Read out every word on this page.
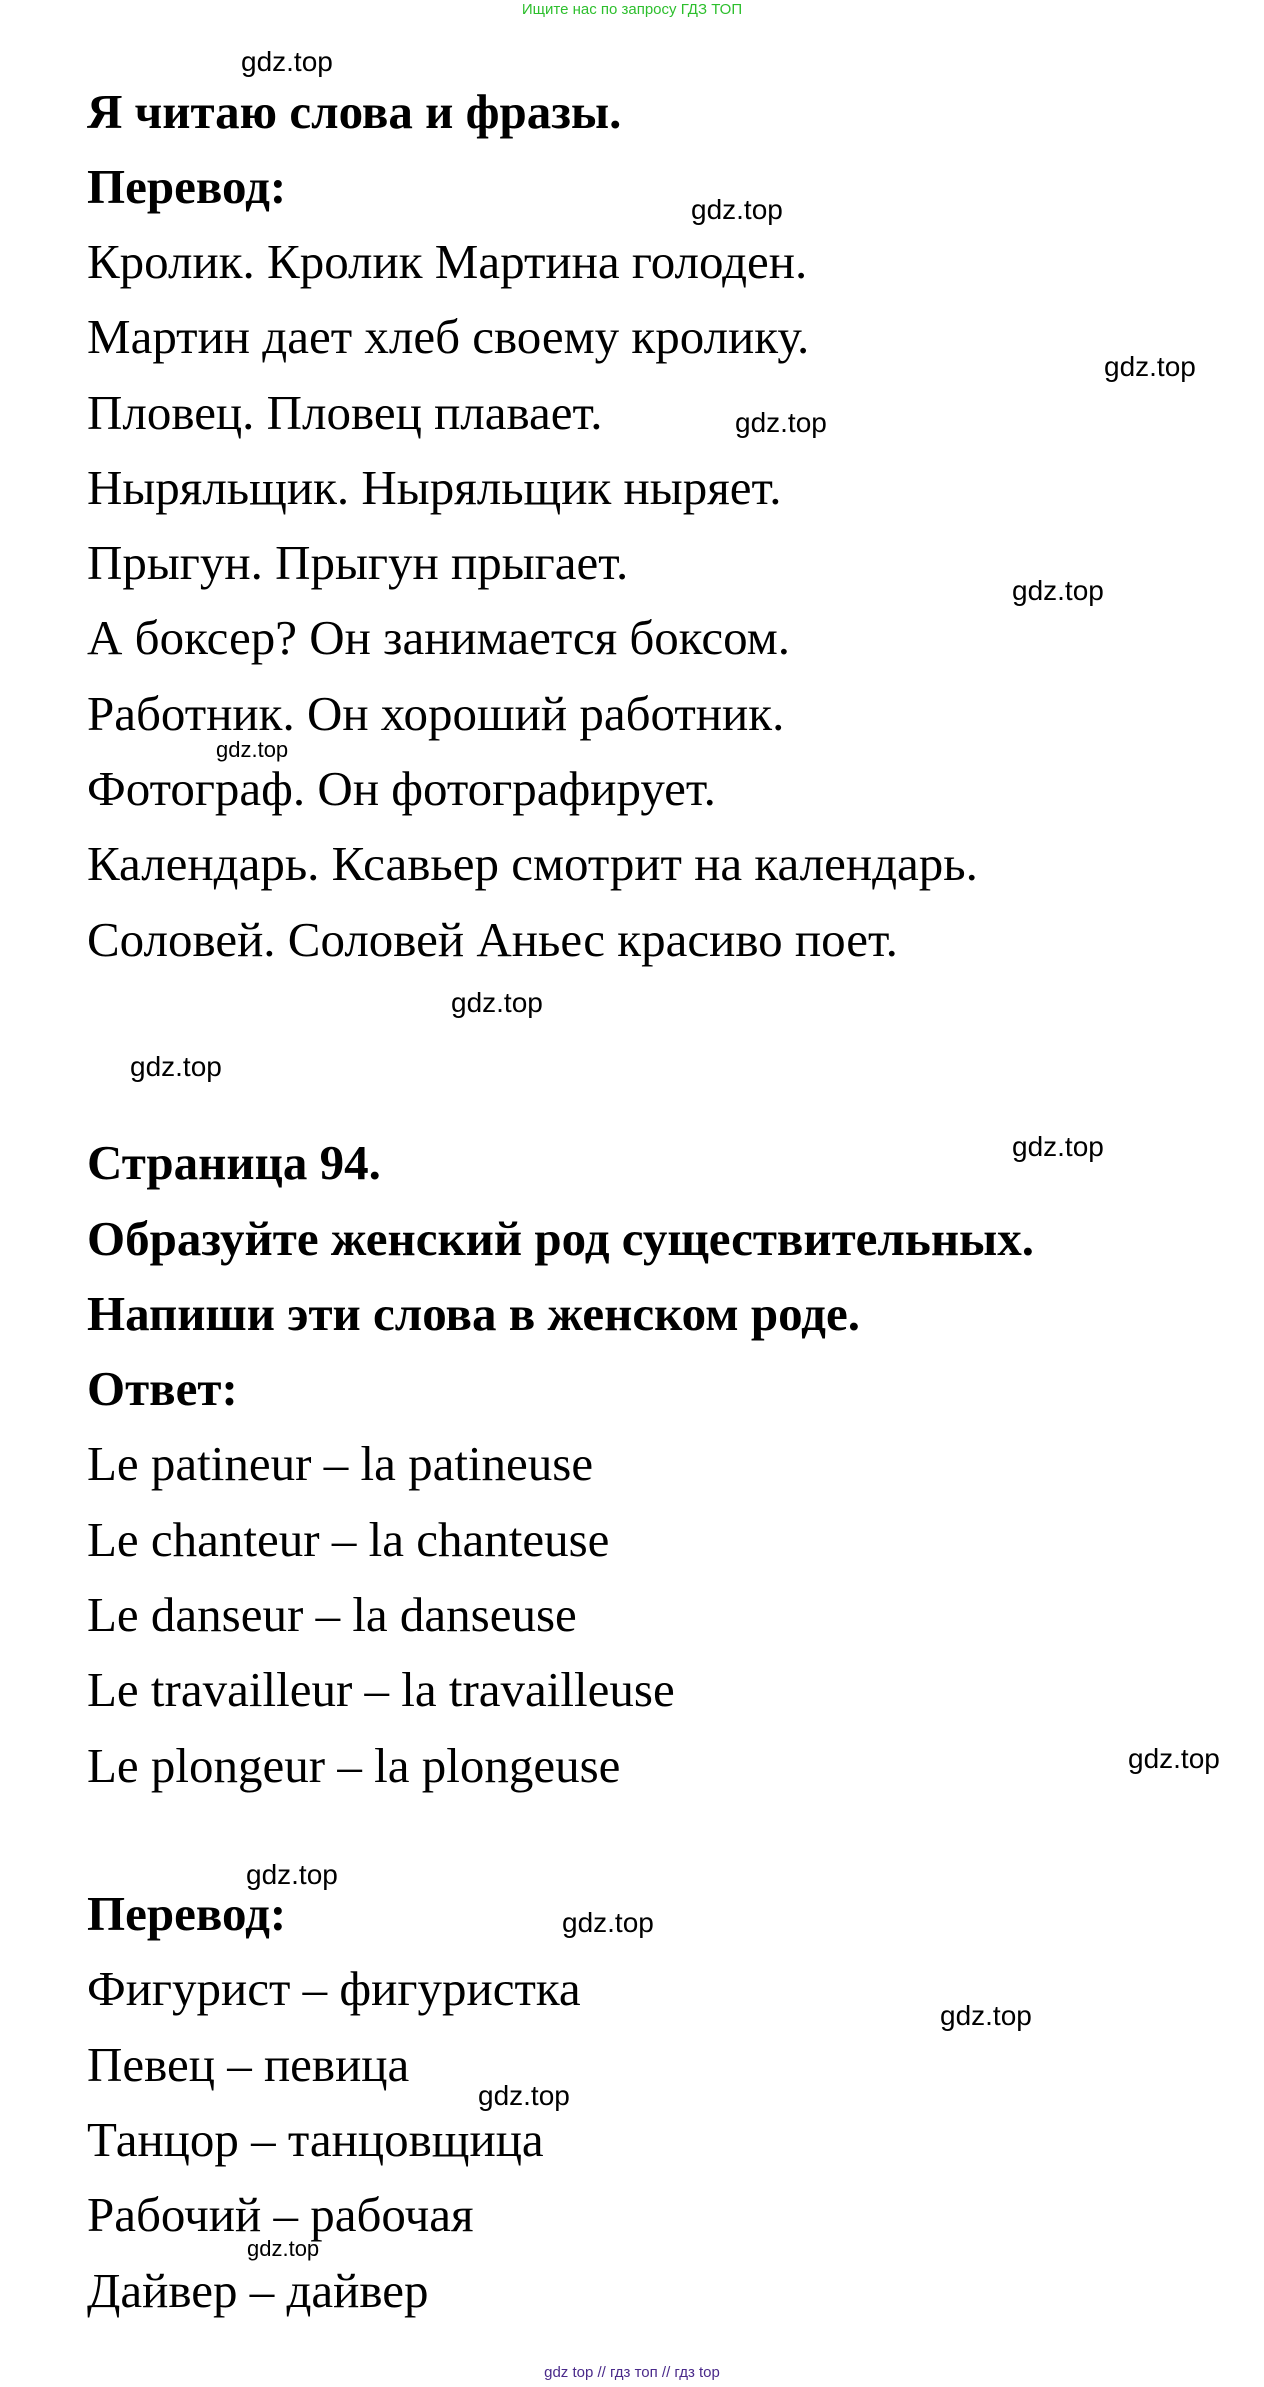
Ищите нас по запросу ГДЗ ТОП
Я читаю слова и фразы.
Перевод:
Кролик. Кролик Мартина голоден.
Мартин дает хлеб своему кролику.
Пловец. Пловец плавает.
Ныряльщик. Ныряльщик ныряет.
Прыгун. Прыгун прыгает.
А боксер? Он занимается боксом.
Работник. Он хороший работник.
Фотограф. Он фотографирует.
Календарь. Ксавьер смотрит на календарь.
Соловей. Соловей Аньес красиво поет.
Страница 94.
Образуйте женский род существительных.
Напиши эти слова в женском роде.
Ответ:
Le patineur – la patineuse
Le chanteur – la chanteuse
Le danseur – la danseuse
Le travailleur – la travailleuse
Le plongeur – la plongeuse
Перевод:
Фигурист – фигуристка
Певец – певица
Танцор – танцовщица
Рабочий – рабочая
Дайвер – дайвер
gdz.top
gdz.top
gdz.top
gdz.top
gdz.top
gdz.top
gdz.top
gdz.top
gdz.top
gdz.top
gdz.top
gdz.top
gdz.top
gdz.top
gdz.top
gdz top // гдз топ // гдз top
